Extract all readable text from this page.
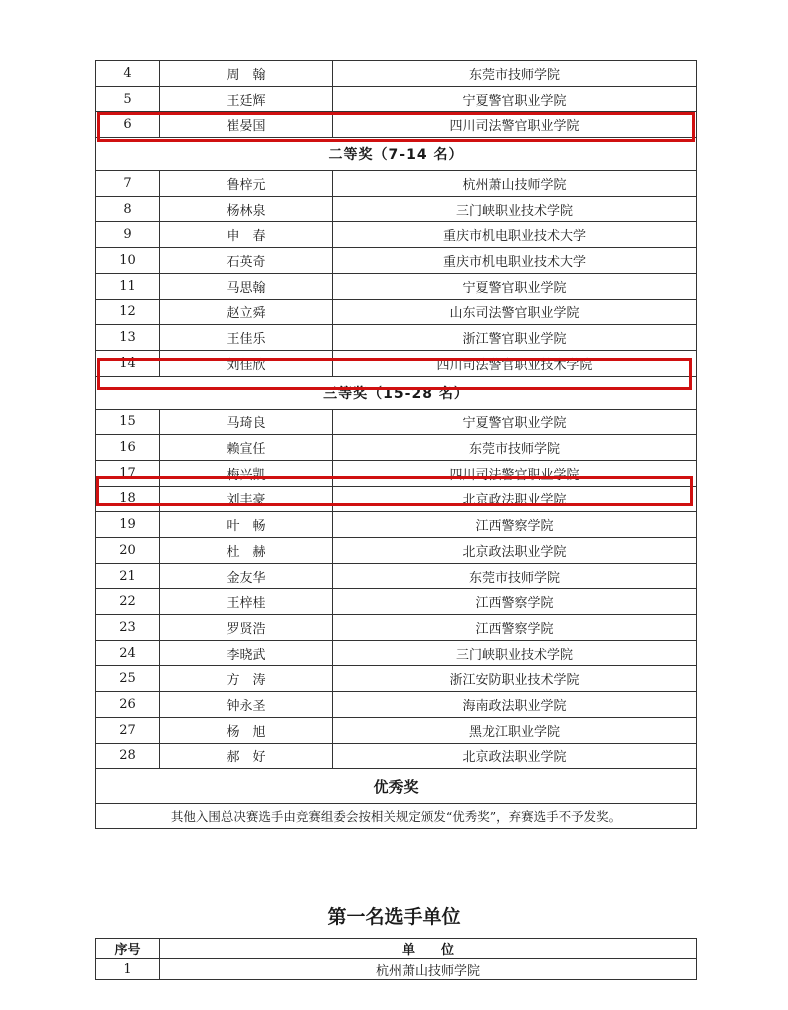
4	周　翰	东莞市技师学院
5	王廷辉	宁夏警官职业学院
6	崔晏国	四川司法警官职业学院
二等奖（7-14 名）		
7	鲁梓元	杭州萧山技师学院
8	杨林泉	三门峡职业技术学院
9	申　春	重庆市机电职业技术大学
10	石英奇	重庆市机电职业技术大学
11	马思翰	宁夏警官职业学院
12	赵立舜	山东司法警官职业学院
13	王佳乐	浙江警官职业学院
14	刘佳欣	四川司法警官职业技术学院
三等奖（15-28 名）		
15	马琦良	宁夏警官职业学院
16	赖宣任	东莞市技师学院
17	梅兴凯	四川司法警官职业学院
18	刘丰豪	北京政法职业学院
19	叶　畅	江西警察学院
20	杜　赫	北京政法职业学院
21	金友华	东莞市技师学院
22	王梓桂	江西警察学院
23	罗贤浩	江西警察学院
24	李晓武	三门峡职业技术学院
25	方　涛	浙江安防职业技术学院
26	钟永圣	海南政法职业学院
27	杨　旭	黑龙江职业学院
28	郝　好	北京政法职业学院
优秀奖		
其他入围总决赛选手由竞赛组委会按相关规定颁发“优秀奖”，弃赛选手不予发奖。		
第一名选手单位
序号	单　　位
1	杭州萧山技师学院
